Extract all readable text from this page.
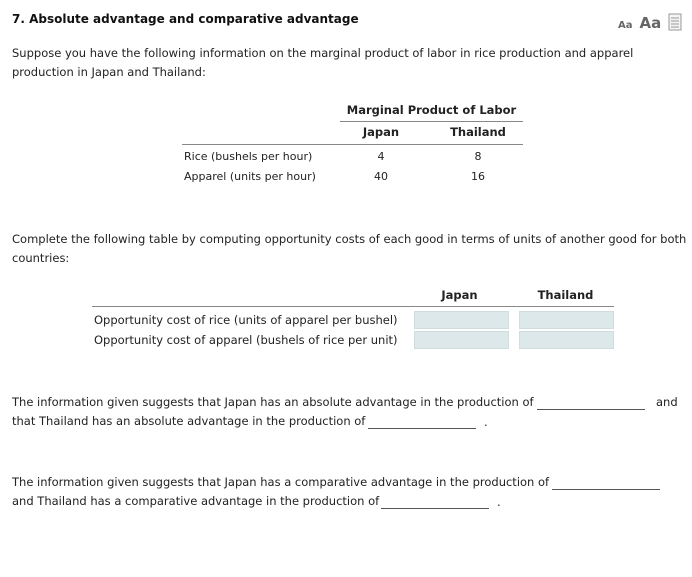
7. Absolute advantage and comparative advantage	Aa Aa
Suppose you have the following information on the marginal product of labor in rice production and apparel
production in Japan and Thailand:
Marginal Product of Labor
Japan	Thailand
Rice (bushels per hour)	4	8
Apparel (units per hour)	40	16
Complete the following table by computing opportunity costs of each good in terms of units of another good for both
countries:
Japan	Thailand
Opportunity cost of rice (units of apparel per bushel)
Opportunity cost of apparel (bushels of rice per unit)
The information given suggests that Japan has an absolute advantage in the production of	and
that Thailand has an absolute advantage in the production of	.
The information given suggests that Japan has a comparative advantage in the production of
and Thailand has a comparative advantage in the production of	.
